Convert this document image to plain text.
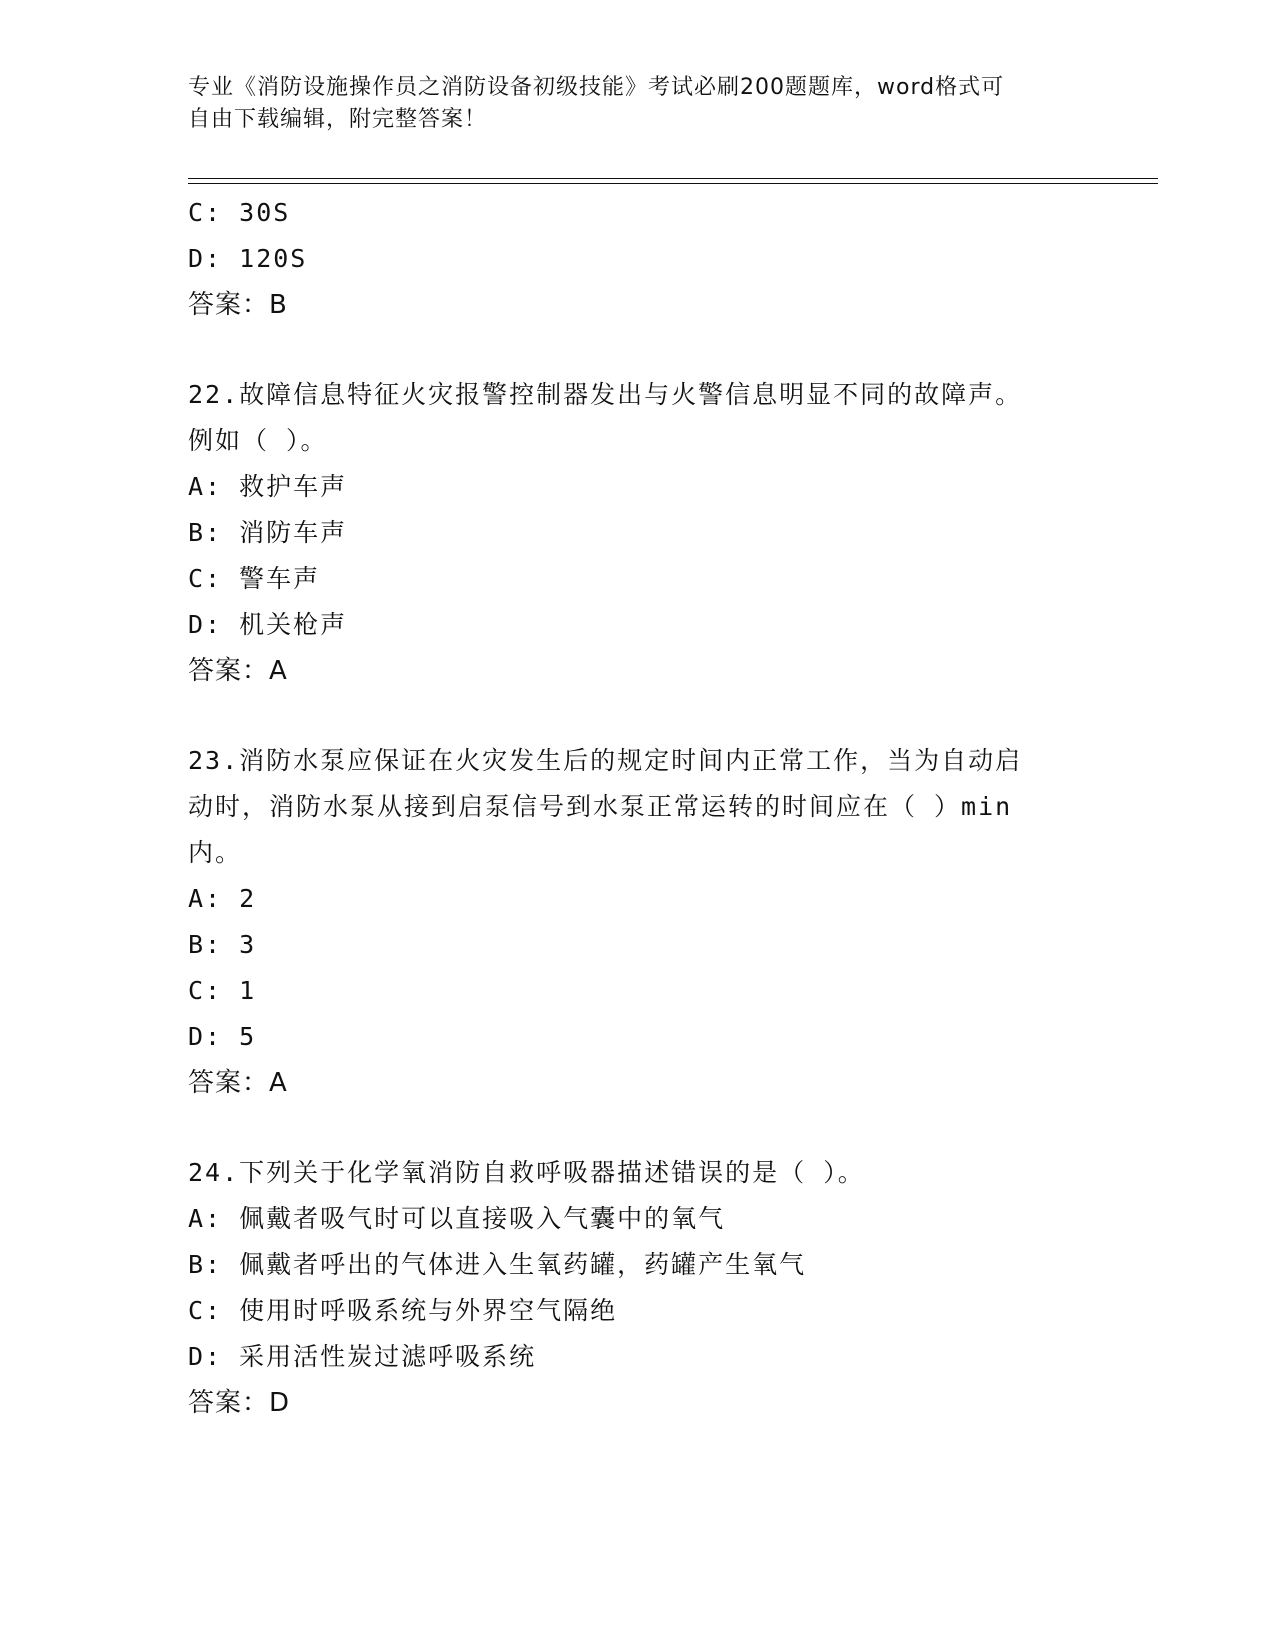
专业《消防设施操作员之消防设备初级技能》考试必刷200题题库，word格式可
自由下载编辑，附完整答案！
C: 30S
D: 120S
答案：B
22.故障信息特征火灾报警控制器发出与火警信息明显不同的故障声。
例如（ ）。
A: 救护车声
B: 消防车声
C: 警车声
D: 机关枪声
答案：A
23.消防水泵应保证在火灾发生后的规定时间内正常工作，当为自动启
动时，消防水泵从接到启泵信号到水泵正常运转的时间应在（ ）min
内。
A: 2
B: 3
C: 1
D: 5
答案：A
24.下列关于化学氧消防自救呼吸器描述错误的是（ ）。
A: 佩戴者吸气时可以直接吸入气囊中的氧气
B: 佩戴者呼出的气体进入生氧药罐，药罐产生氧气
C: 使用时呼吸系统与外界空气隔绝
D: 采用活性炭过滤呼吸系统
答案：D
